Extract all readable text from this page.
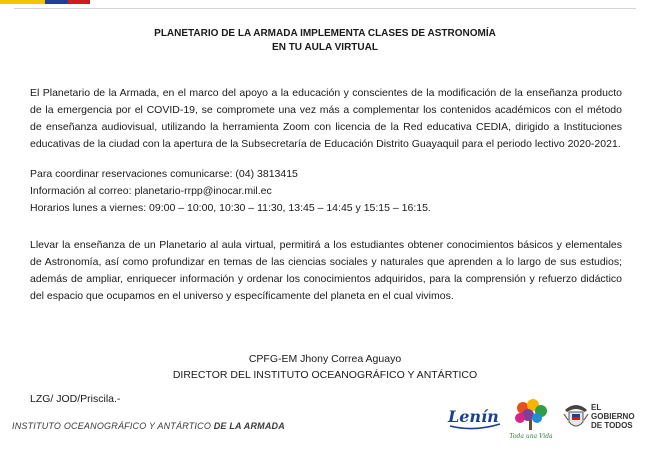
PLANETARIO DE LA ARMADA IMPLEMENTA CLASES DE ASTRONOMÍA
EN TU AULA VIRTUAL

El Planetario de la Armada, en el marco del apoyo a la educación y conscientes de la modificación de la enseñanza producto de la emergencia por el COVID-19, se compromete una vez más a complementar los contenidos académicos con el método de enseñanza audiovisual, utilizando la herramienta Zoom con licencia de la Red educativa CEDIA, dirigido a Instituciones educativas de la ciudad con la apertura de la Subsecretaría de Educación Distrito Guayaquil para el periodo lectivo 2020-2021.

Para coordinar reservaciones comunicarse: (04) 3813415
Información al correo: planetario-rrpp@inocar.mil.ec
Horarios lunes a viernes: 09:00 – 10:00, 10:30 – 11:30, 13:45 – 14:45 y 15:15 – 16:15.

Llevar la enseñanza de un Planetario al aula virtual, permitirá a los estudiantes obtener conocimientos básicos y elementales de Astronomía, así como profundizar en temas de las ciencias sociales y naturales que aprenden a lo largo de sus estudios; además de ampliar, enriquecer información y ordenar los conocimientos adquiridos, para la comprensión y refuerzo didáctico del espacio que ocupamos en el universo y específicamente del planeta en el cual vivimos.

CPFG-EM Jhony Correa Aguayo
DIRECTOR DEL INSTITUTO OCEANOGRÁFICO Y ANTÁRTICO
LZG/ JOD/Priscila.-
INSTITUTO OCEANOGRÁFICO Y ANTÁRTICO DE LA ARMADA	Lenín
Toda una Vida
EL
GOBIERNO
DE TODOS
